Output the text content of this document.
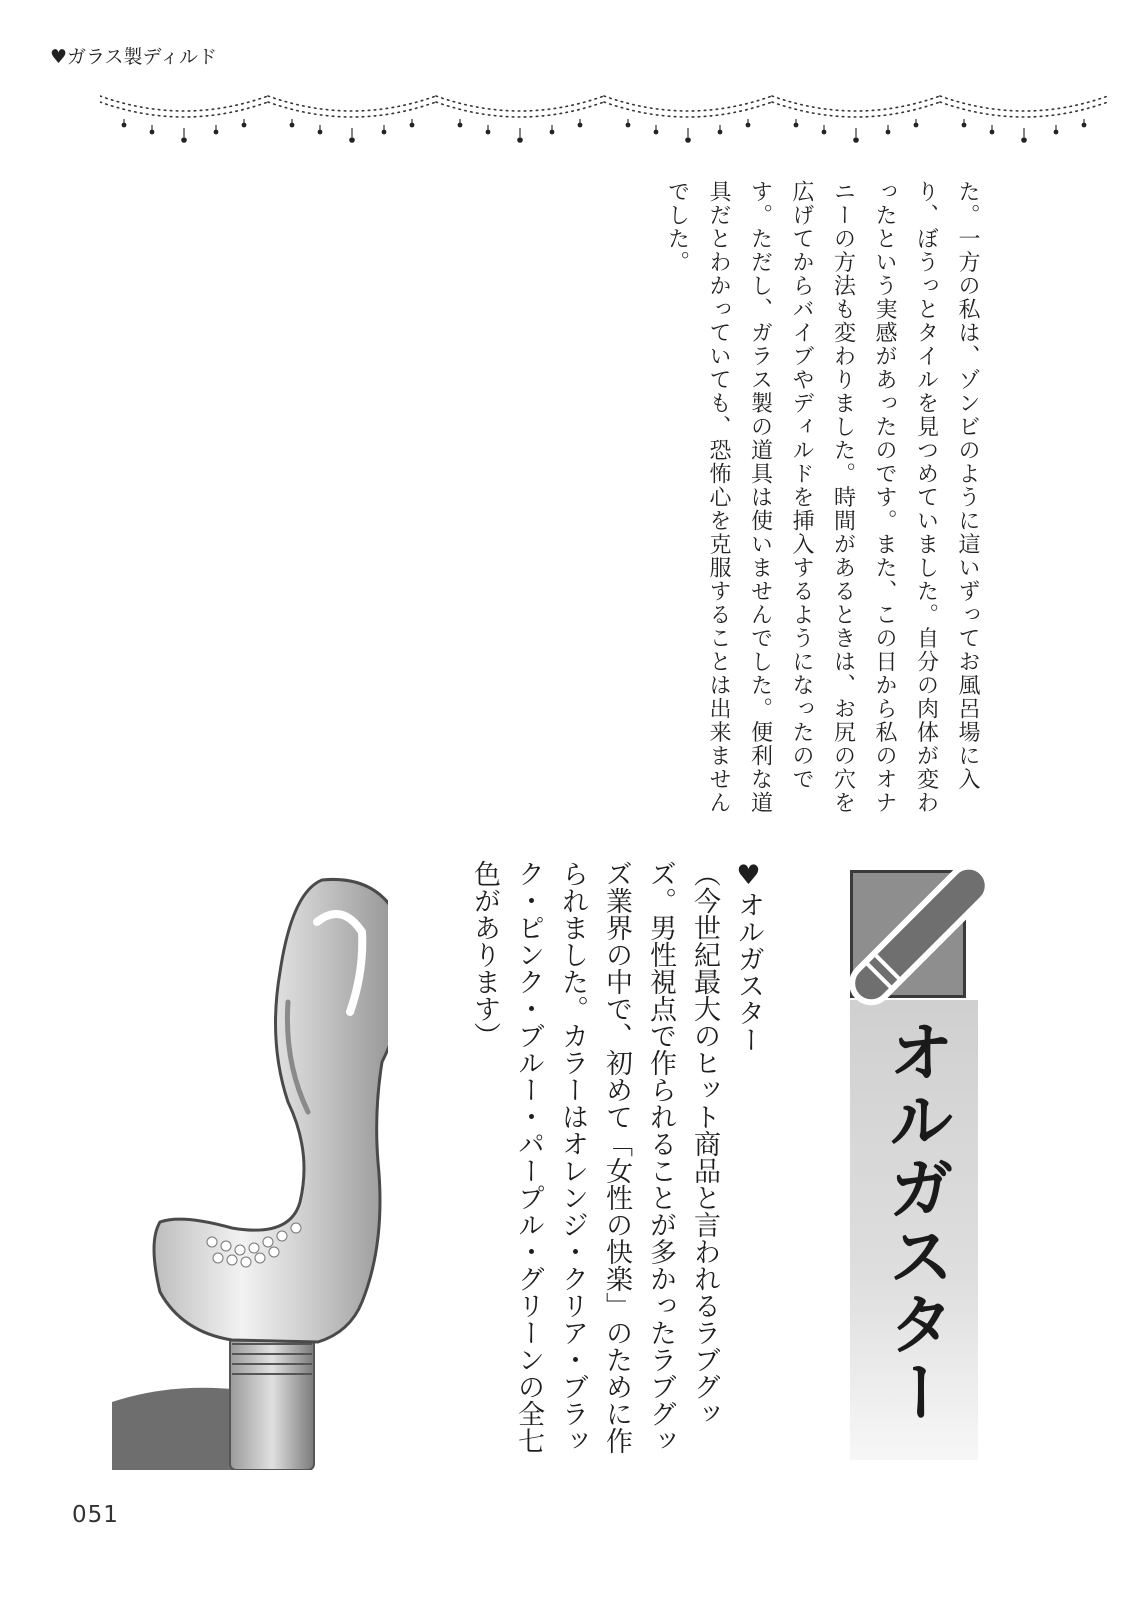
♥ガラス製ディルド
た。一方の私は、ゾンビのように這いずってお風呂場に入り、ぼうっとタイルを見つめていました。自分の肉体が変わったという実感があったのです。また、この日から私のオナニーの方法も変わりました。時間があるときは、お尻の穴を広げてからバイブやディルドを挿入するようになったのです。ただし、ガラス製の道具は使いませんでした。便利な道具だとわかっていても、恐怖心を克服することは出来ませんでした。
♥オルガスター
（今世紀最大のヒット商品と言われるラブグッズ。男性視点で作られることが多かったラブグッズ業界の中で、初めて「女性の快楽」のために作られました。カラーはオレンジ・クリア・ブラック・ピンク・ブルー・パープル・グリーンの全七色があります）
オルガスター
051
